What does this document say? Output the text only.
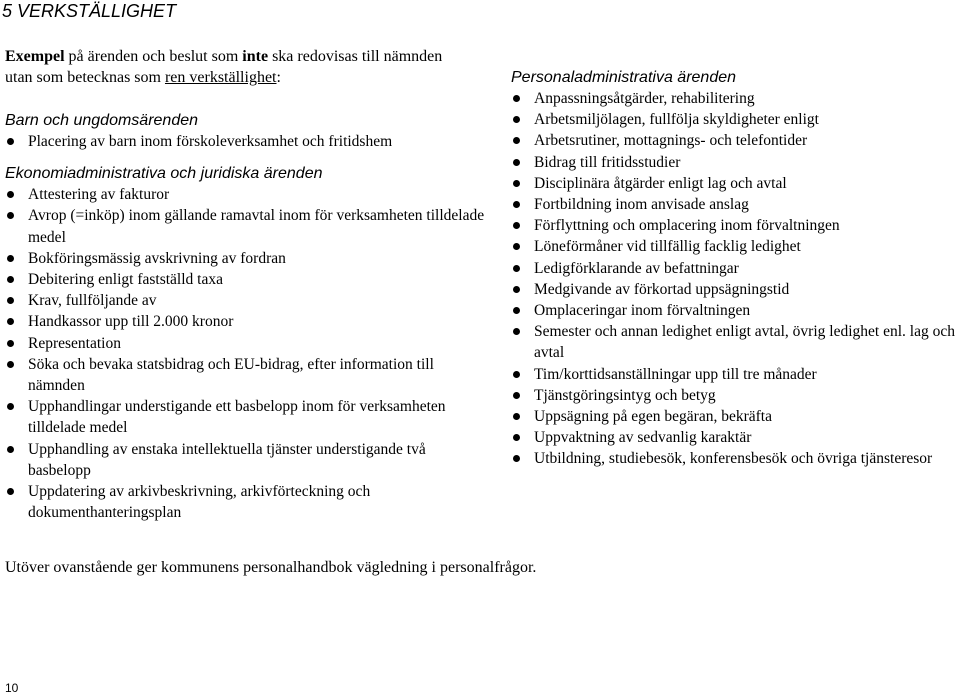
5 VERKSTÄLLIGHET
Exempel på ärenden och beslut som inte ska redovisas till nämnden utan som betecknas som ren verkställighet:
Barn och ungdomsärenden
Placering av barn inom förskoleverksamhet och fritidshem
Ekonomiadministrativa och juridiska ärenden
Attestering av fakturor
Avrop (=inköp) inom gällande ramavtal inom för verksamheten tilldelade medel
Bokföringsmässig avskrivning av fordran
Debitering enligt fastställd taxa
Krav, fullföljande av
Handkassor upp till 2.000 kronor
Representation
Söka och bevaka statsbidrag och EU-bidrag, efter information till nämnden
Upphandlingar understigande ett basbelopp inom för verksamheten tilldelade medel
Upphandling av enstaka intellektuella tjänster understigande två basbelopp
Uppdatering av arkivbeskrivning, arkivförteckning och dokumenthanteringsplan
Personaladministrativa ärenden
Anpassningsåtgärder, rehabilitering
Arbetsmiljölagen, fullfölja skyldigheter enligt
Arbetsrutiner, mottagnings- och telefontider
Bidrag till fritidsstudier
Disciplinära åtgärder enligt lag och avtal
Fortbildning inom anvisade anslag
Förflyttning och omplacering inom förvaltningen
Löneförmåner vid tillfällig facklig ledighet
Ledigförklarande av befattningar
Medgivande av förkortad uppsägningstid
Omplaceringar inom förvaltningen
Semester och annan ledighet enligt avtal, övrig ledighet enl. lag och avtal
Tim/korttidsanställningar upp till tre månader
Tjänstgöringsintyg och betyg
Uppsägning på egen begäran, bekräfta
Uppvaktning av sedvanlig karaktär
Utbildning, studiebesök, konferensbesök och övriga tjänsteresor
Utöver ovanstående ger kommunens personalhandbok vägledning i personalfrågor.
10
